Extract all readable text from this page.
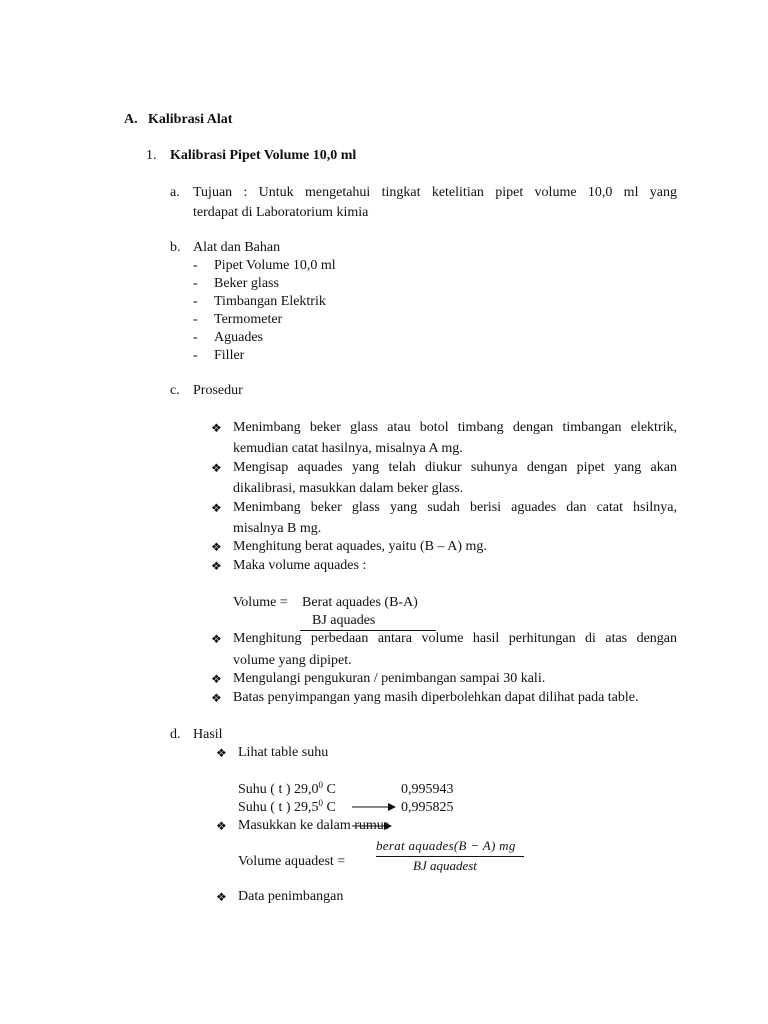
A. Kalibrasi Alat
1. Kalibrasi Pipet Volume 10,0 ml
a. Tujuan : Untuk mengetahui tingkat ketelitian pipet volume 10,0 ml yang
terdapat di Laboratorium kimia
b. Alat dan Bahan
- Pipet Volume 10,0 ml
- Beker glass
- Timbangan Elektrik
- Termometer
- Aguades
- Filler
c. Prosedur
❖ Menimbang beker glass atau botol timbang dengan timbangan elektrik,
kemudian catat hasilnya, misalnya A mg.
❖ Mengisap aquades yang telah diukur suhunya dengan pipet yang akan
dikalibrasi, masukkan dalam beker glass.
❖ Menimbang beker glass yang sudah berisi aguades dan catat hsilnya,
misalnya B mg.
❖ Menghitung berat aquades, yaitu (B – A) mg.
❖ Maka volume aquades :
Volume = Berat aquades (B-A)
BJ aquades
❖ Menghitung perbedaan antara volume hasil perhitungan di atas dengan
volume yang dipipet.
❖ Mengulangi pengukuran / penimbangan sampai 30 kali.
❖ Batas penyimpangan yang masih diperbolehkan dapat dilihat pada table.
d. Hasil
❖ Lihat table suhu
Suhu ( t ) 29,0$^0$ C	0,995943
Suhu ( t ) 29,5$^0$ C	0,995825
❖ Masukkan ke dalam rumus
Volume aquadest =
berat aquades(B − A) mg
BJ aquadest
❖ Data penimbangan
